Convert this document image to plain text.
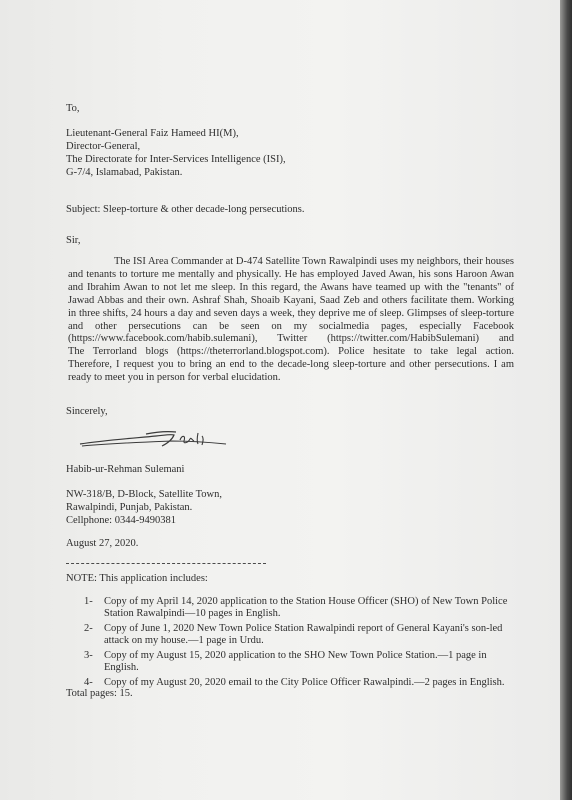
To,
Lieutenant-General Faiz Hameed HI(M),
Director-General,
The Directorate for Inter-Services Intelligence (ISI),
G-7/4, Islamabad, Pakistan.
Subject: Sleep-torture & other decade-long persecutions.
Sir,
The ISI Area Commander at D-474 Satellite Town Rawalpindi uses my neighbors, their houses
and tenants to torture me mentally and physically. He has employed Javed Awan, his sons Haroon Awan
and Ibrahim Awan to not let me sleep. In this regard, the Awans have teamed up with the "tenants" of
Jawad Abbas and their own. Ashraf Shah, Shoaib Kayani, Saad Zeb and others facilitate them. Working
in three shifts, 24 hours a day and seven days a week, they deprive me of sleep. Glimpses of sleep-torture
and other persecutions can be seen on my socialmedia pages, especially Facebook
(https://www.facebook.com/habib.sulemani), Twitter (https://twitter.com/HabibSulemani) and
The Terrorland blogs (https://theterrorland.blogspot.com). Police hesitate to take legal action.
Therefore, I request you to bring an end to the decade-long sleep-torture and other persecutions. I am
ready to meet you in person for verbal elucidation.
Sincerely,
Habib-ur-Rehman Sulemani
NW-318/B, D-Block, Satellite Town,
Rawalpindi, Punjab, Pakistan.
Cellphone: 0344-9490381
August 27, 2020.
NOTE: This application includes:
1- Copy of my April 14, 2020 application to the Station House Officer (SHO) of New Town Police
Station Rawalpindi—10 pages in English.
2- Copy of June 1, 2020 New Town Police Station Rawalpindi report of General Kayani's son-led
attack on my house.—1 page in Urdu.
3- Copy of my August 15, 2020 application to the SHO New Town Police Station.—1 page in
English.
4- Copy of my August 20, 2020 email to the City Police Officer Rawalpindi.—2 pages in English.
Total pages: 15.
